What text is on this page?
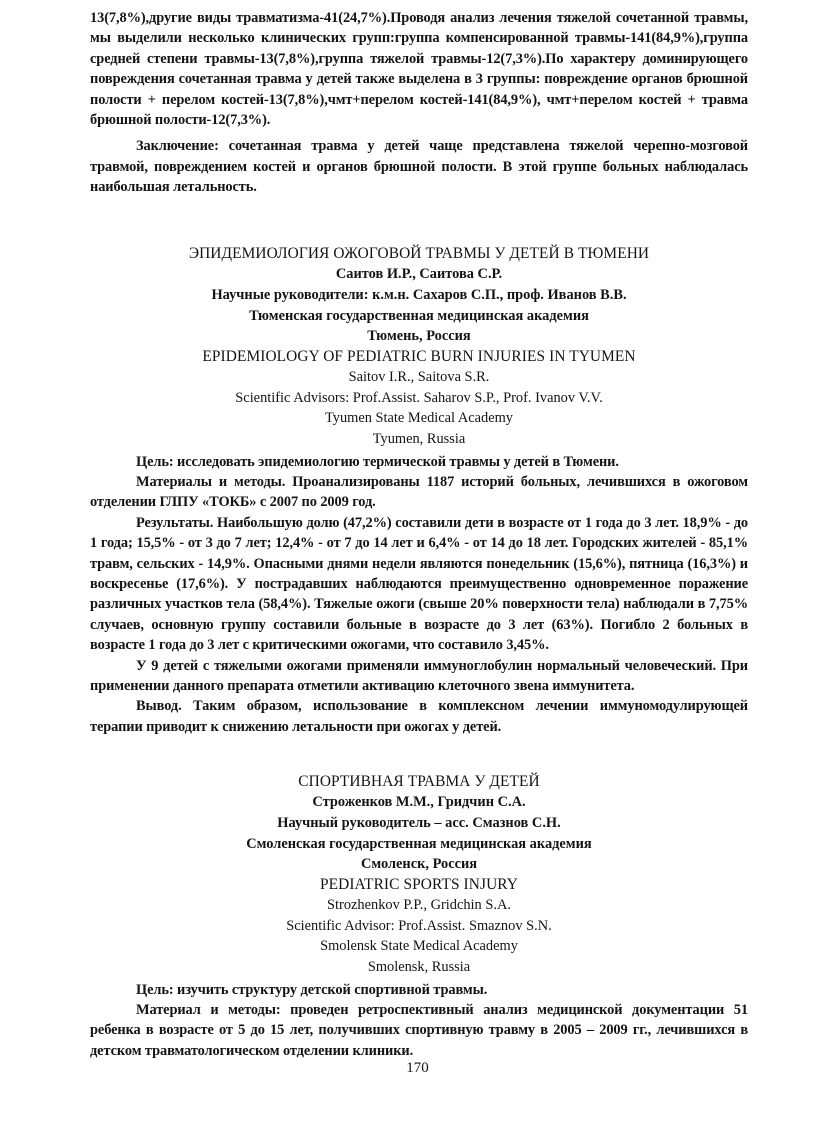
13(7,8%),другие виды травматизма-41(24,7%).Проводя анализ лечения тяжелой сочетанной травмы, мы выделили несколько клинических групп:группа компенсированной травмы-141(84,9%),группа средней степени травмы-13(7,8%),группа тяжелой травмы-12(7,3%).По характеру доминирующего повреждения сочетанная травма у детей также выделена в 3 группы: повреждение органов брюшной полости + перелом костей-13(7,8%),чмт+перелом костей-141(84,9%), чмт+перелом костей + травма брюшной полости-12(7,3%).

Заключение: сочетанная травма у детей чаще представлена тяжелой черепно-мозговой травмой, повреждением костей и органов брюшной полости. В этой группе больных наблюдалась наибольшая летальность.

ЭПИДЕМИОЛОГИЯ ОЖОГОВОЙ ТРАВМЫ У ДЕТЕЙ В ТЮМЕНИ

Саитов И.Р., Саитова С.Р.

Научные руководители: к.м.н. Сахаров С.П., проф. Иванов В.В.

Тюменская государственная медицинская академия

Тюмень, Россия

EPIDEMIOLOGY OF PEDIATRIC BURN INJURIES IN TYUMEN

Saitov I.R., Saitova S.R.

Scientific Advisors: Prof.Assist. Saharov S.P., Prof. Ivanov V.V.

Tyumen State Medical Academy

Tyumen, Russia

Цель: исследовать эпидемиологию термической травмы у детей в Тюмени.

Материалы и методы. Проанализированы 1187 историй больных, лечившихся в ожоговом отделении ГЛПУ «ТОКБ» с 2007 по 2009 год.

Результаты. Наибольшую долю (47,2%) составили дети в возрасте от 1 года до 3 лет. 18,9% - до 1 года; 15,5% - от 3 до 7 лет; 12,4% - от 7 до 14 лет и 6,4% - от 14 до 18 лет. Городских жителей - 85,1% травм, сельских - 14,9%. Опасными днями недели являются понедельник (15,6%), пятница (16,3%) и воскресенье (17,6%). У пострадавших наблюдаются преимущественно одновременное поражение различных участков тела (58,4%). Тяжелые ожоги (свыше 20% поверхности тела) наблюдали в 7,75% случаев, основную группу составили больные в возрасте до 3 лет (63%). Погибло 2 больных в возрасте 1 года до 3 лет с критическими ожогами, что составило 3,45%.

У 9 детей с тяжелыми ожогами применяли иммуноглобулин нормальный человеческий. При применении данного препарата отметили активацию клеточного звена иммунитета.

Вывод. Таким образом, использование в комплексном лечении иммуномодулирующей терапии приводит к снижению летальности при ожогах у детей.

СПОРТИВНАЯ ТРАВМА У ДЕТЕЙ

Строженков М.М., Гридчин С.А.

Научный руководитель – асс. Смазнов С.Н.

Смоленская государственная медицинская академия

Смоленск, Россия

PEDIATRIC SPORTS INJURY

Strozhenkov P.P., Gridchin S.A.

Scientific Advisor: Prof.Assist. Smaznov S.N.

Smolensk State Medical Academy

Smolensk, Russia

Цель: изучить структуру детской спортивной травмы.

Материал и методы: проведен ретроспективный анализ медицинской документации 51 ребенка в возрасте от 5 до 15 лет, получивших спортивную травму в 2005 – 2009 гг., лечившихся в детском травматологическом отделении клиники.

170
